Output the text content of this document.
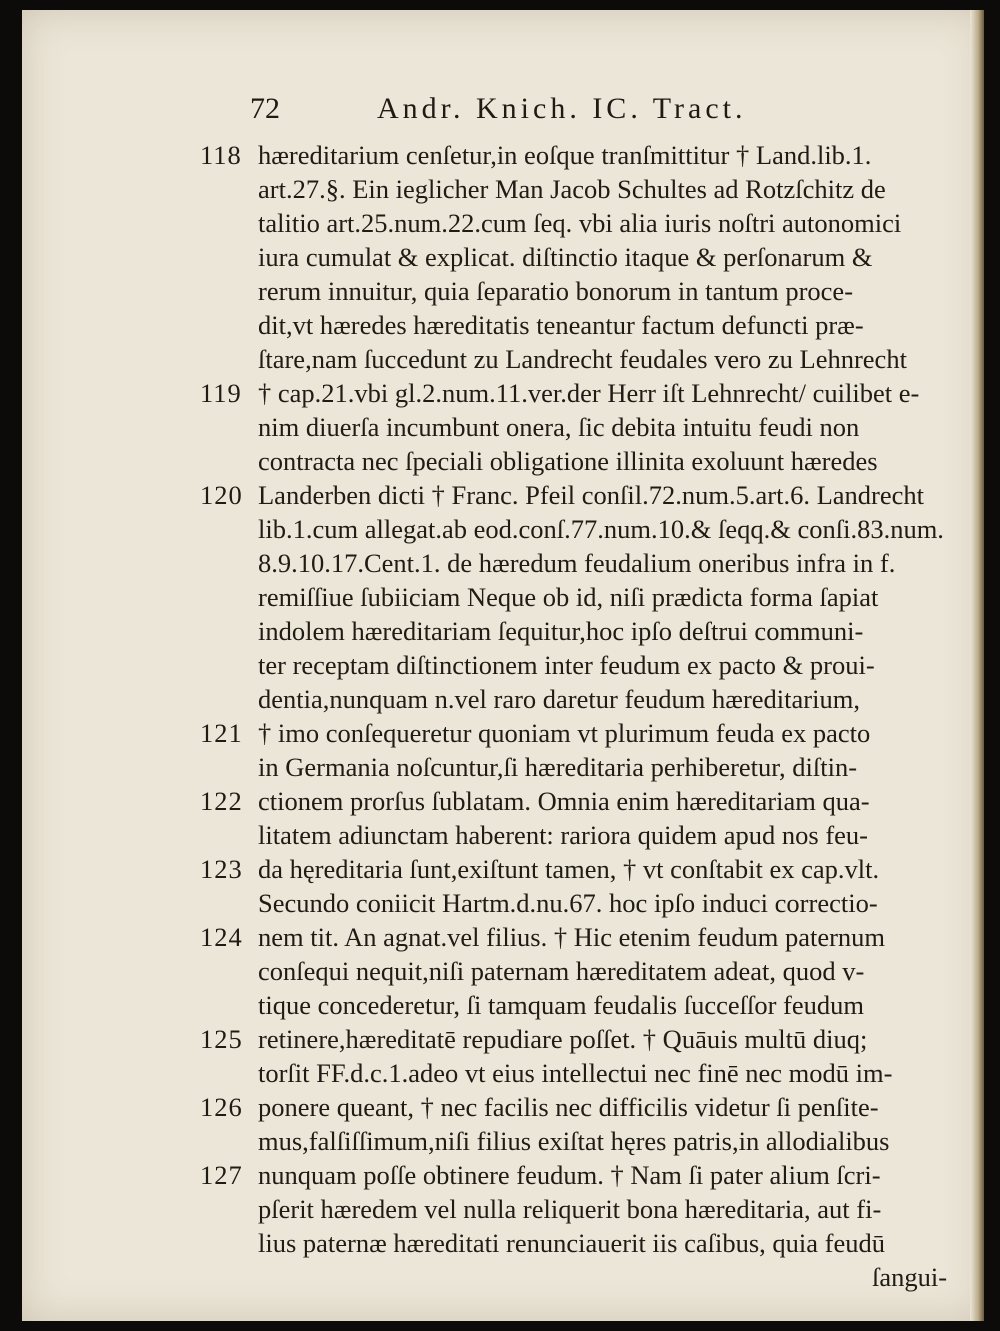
72	Andr. Knich. IC. Tract.
118 hæreditarium cenſetur,in eoſque tranſmittitur † Land.lib.1.
art.27.§. Ein ieglicher Man Jacob Schultes ad Rotzſchitz de
talitio art.25.num.22.cum ſeq. vbi alia iuris noſtri autonomici
iura cumulat & explicat. diſtinctio itaque & perſonarum &
rerum innuitur, quia ſeparatio bonorum in tantum proce-
dit,vt hæredes hæreditatis teneantur factum defuncti præ-
ſtare,nam ſuccedunt zu Landrecht feudales vero zu Lehnrecht
119 † cap.21.vbi gl.2.num.11.ver.der Herr iſt Lehnrecht/ cuilibet e-
nim diuerſa incumbunt onera, ſic debita intuitu feudi non
contracta nec ſpeciali obligatione illinita exoluunt hæredes
120 Landerben dicti † Franc. Pfeil conſil.72.num.5.art.6. Landrecht
lib.1.cum allegat.ab eod.conſ.77.num.10.& ſeqq.& conſi.83.num.
8.9.10.17.Cent.1. de hæredum feudalium oneribus infra in f.
remiſſiue ſubiiciam Neque ob id, niſi prædicta forma ſapiat
indolem hæreditariam ſequitur,hoc ipſo deſtrui communi-
ter receptam diſtinctionem inter feudum ex pacto & proui-
dentia,nunquam n.vel raro daretur feudum hæreditarium,
121 † imo conſequeretur quoniam vt plurimum feuda ex pacto
in Germania noſcuntur,ſi hæreditaria perhiberetur, diſtin-
122 ctionem prorſus ſublatam. Omnia enim hæreditariam qua-
litatem adiunctam haberent: rariora quidem apud nos feu-
123 da hęreditaria ſunt,exiſtunt tamen, † vt conſtabit ex cap.vlt.
Secundo coniicit Hartm.d.nu.67. hoc ipſo induci correctio-
124 nem tit. An agnat.vel filius. † Hic etenim feudum paternum
conſequi nequit,niſi paternam hæreditatem adeat, quod v-
tique concederetur, ſi tamquam feudalis ſucceſſor feudum
125 retinere,hæreditatē repudiare poſſet. † Quāuis multū diuq;
torſit FF.d.c.1.adeo vt eius intellectui nec finē nec modū im-
126 ponere queant, † nec facilis nec difficilis videtur ſi penſite-
mus,falſiſſimum,niſi filius exiſtat hęres patris,in allodialibus
127 nunquam poſſe obtinere feudum. † Nam ſi pater alium ſcri-
pſerit hæredem vel nulla reliquerit bona hæreditaria, aut fi-
lius paternæ hæreditati renunciauerit iis caſibus, quia feudū
ſangui-
